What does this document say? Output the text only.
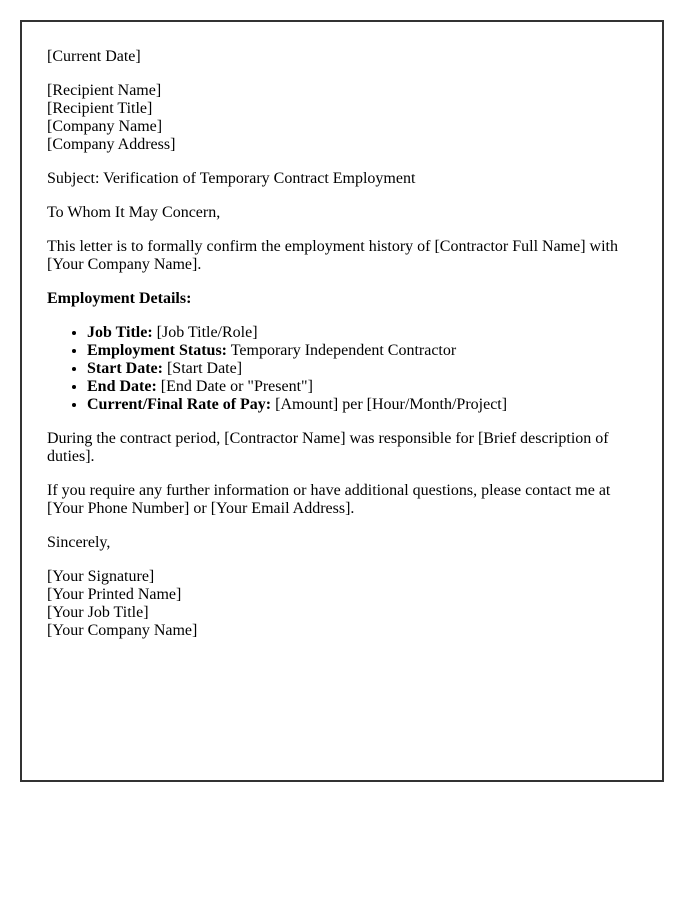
[Current Date]

[Recipient Name]
[Recipient Title]
[Company Name]
[Company Address]

Subject: Verification of Temporary Contract Employment

To Whom It May Concern,

This letter is to formally confirm the employment history of [Contractor Full Name] with [Your Company Name].

Employment Details:

• Job Title: [Job Title/Role]
• Employment Status: Temporary Independent Contractor
• Start Date: [Start Date]
• End Date: [End Date or "Present"]
• Current/Final Rate of Pay: [Amount] per [Hour/Month/Project]

During the contract period, [Contractor Name] was responsible for [Brief description of duties].

If you require any further information or have additional questions, please contact me at [Your Phone Number] or [Your Email Address].

Sincerely,

[Your Signature]
[Your Printed Name]
[Your Job Title]
[Your Company Name]
